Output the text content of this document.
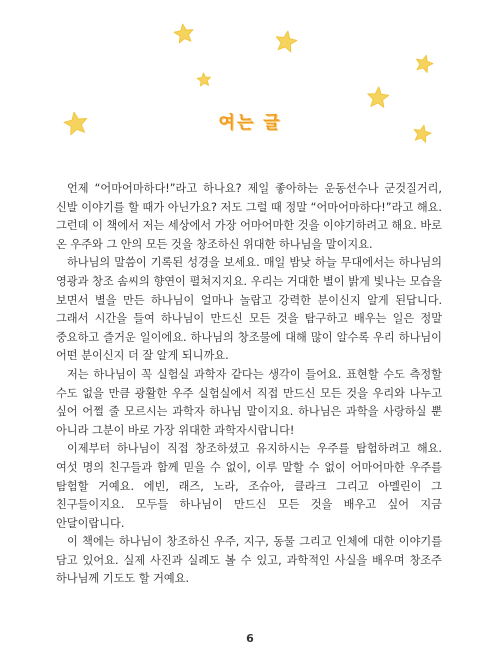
여는 글

언제 “어마어마하다!”라고 하나요? 제일 좋아하는 운동선수나 군것질거리, 신발 이야기를 할 때가 아닌가요? 저도 그럴 때 정말 “어마어마하다!”라고 해요. 그런데 이 책에서 저는 세상에서 가장 어마어마한 것을 이야기하려고 해요. 바로 온 우주와 그 안의 모든 것을 창조하신 위대한 하나님을 말이지요.

하나님의 말씀이 기록된 성경을 보세요. 매일 밤낮 하늘 무대에서는 하나님의 영광과 창조 솜씨의 향연이 펼쳐지지요. 우리는 거대한 별이 밝게 빛나는 모습을 보면서 별을 만든 하나님이 얼마나 놀랍고 강력한 분이신지 알게 된답니다. 그래서 시간을 들여 하나님이 만드신 모든 것을 탐구하고 배우는 일은 정말 중요하고 즐거운 일이에요. 하나님의 창조물에 대해 많이 알수록 우리 하나님이 어떤 분이신지 더 잘 알게 되니까요.

저는 하나님이 꼭 실험실 과학자 같다는 생각이 들어요. 표현할 수도 측정할 수도 없을 만큼 광활한 우주 실험실에서 직접 만드신 모든 것을 우리와 나누고 싶어 어쩔 줄 모르시는 과학자 하나님 말이지요. 하나님은 과학을 사랑하실 뿐 아니라 그분이 바로 가장 위대한 과학자시랍니다!

이제부터 하나님이 직접 창조하셨고 유지하시는 우주를 탐험하려고 해요. 여섯 명의 친구들과 함께 믿을 수 없이, 이루 말할 수 없이 어마어마한 우주를 탐험할 거예요. 에빈, 래즈, 노라, 조슈아, 클라크 그리고 아멜린이 그 친구들이지요. 모두들 하나님이 만드신 모든 것을 배우고 싶어 지금 안달이랍니다.

이 책에는 하나님이 창조하신 우주, 지구, 동물 그리고 인체에 대한 이야기를 담고 있어요. 실제 사진과 실례도 볼 수 있고, 과학적인 사실을 배우며 창조주 하나님께 기도도 할 거예요.

6
